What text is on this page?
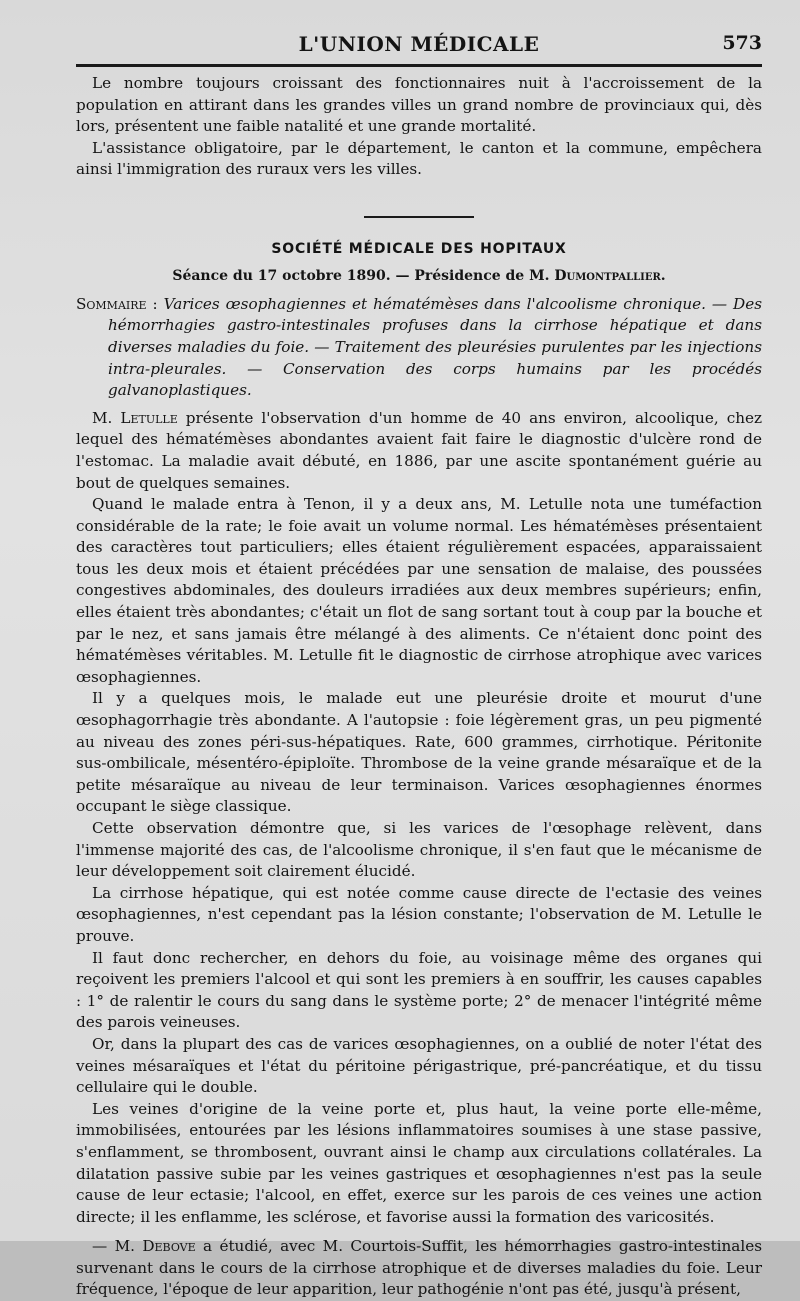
L'UNION MÉDICALE	573

Le nombre toujours croissant des fonctionnaires nuit à l'accroissement de la population en attirant dans les grandes villes un grand nombre de provinciaux qui, dès lors, présentent une faible natalité et une grande mortalité.

L'assistance obligatoire, par le département, le canton et la commune, empêchera ainsi l'immigration des ruraux vers les villes.

SOCIÉTÉ MÉDICALE DES HOPITAUX
Séance du 17 octobre 1890. — Présidence de M. Dumontpallier.

Sommaire : Varices œsophagiennes et hématémèses dans l'alcoolisme chronique. — Des hémorrhagies gastro-intestinales profuses dans la cirrhose hépatique et dans diverses maladies du foie. — Traitement des pleurésies purulentes par les injections intra-pleurales. — Conservation des corps humains par les procédés galvanoplastiques.

M. Letulle présente l'observation d'un homme de 40 ans environ, alcoolique, chez lequel des hématémèses abondantes avaient fait faire le diagnostic d'ulcère rond de l'estomac. La maladie avait débuté, en 1886, par une ascite spontanément guérie au bout de quelques semaines.

Quand le malade entra à Tenon, il y a deux ans, M. Letulle nota une tuméfaction considérable de la rate; le foie avait un volume normal. Les hématémèses présentaient des caractères tout particuliers; elles étaient régulièrement espacées, apparaissaient tous les deux mois et étaient précédées par une sensation de malaise, des poussées congestives abdominales, des douleurs irradiées aux deux membres supérieurs; enfin, elles étaient très abondantes; c'était un flot de sang sortant tout à coup par la bouche et par le nez, et sans jamais être mélangé à des aliments. Ce n'étaient donc point des hématémèses véritables. M. Letulle fit le diagnostic de cirrhose atrophique avec varices œsophagiennes.

Il y a quelques mois, le malade eut une pleurésie droite et mourut d'une œsophagorrhagie très abondante. A l'autopsie : foie légèrement gras, un peu pigmenté au niveau des zones péri-sus-hépatiques. Rate, 600 grammes, cirrhotique. Péritonite sus-ombilicale, mésentéro-épiploïte. Thrombose de la veine grande mésaraïque et de la petite mésaraïque au niveau de leur terminaison. Varices œsophagiennes énormes occupant le siège classique.

Cette observation démontre que, si les varices de l'œsophage relèvent, dans l'immense majorité des cas, de l'alcoolisme chronique, il s'en faut que le mécanisme de leur développement soit clairement élucidé.

La cirrhose hépatique, qui est notée comme cause directe de l'ectasie des veines œsophagiennes, n'est cependant pas la lésion constante; l'observation de M. Letulle le prouve.

Il faut donc rechercher, en dehors du foie, au voisinage même des organes qui reçoivent les premiers l'alcool et qui sont les premiers à en souffrir, les causes capables : 1° de ralentir le cours du sang dans le système porte; 2° de menacer l'intégrité même des parois veineuses.

Or, dans la plupart des cas de varices œsophagiennes, on a oublié de noter l'état des veines mésaraïques et l'état du péritoine périgastrique, pré-pancréatique, et du tissu cellulaire qui le double.

Les veines d'origine de la veine porte et, plus haut, la veine porte elle-même, immobilisées, entourées par les lésions inflammatoires soumises à une stase passive, s'enflamment, se thrombosent, ouvrant ainsi le champ aux circulations collatérales. La dilatation passive subie par les veines gastriques et œsophagiennes n'est pas la seule cause de leur ectasie; l'alcool, en effet, exerce sur les parois de ces veines une action directe; il les enflamme, les sclérose, et favorise aussi la formation des varicosités.

— M. Debove a étudié, avec M. Courtois-Suffit, les hémorrhagies gastro-intestinales survenant dans le cours de la cirrhose atrophique et de diverses maladies du foie. Leur fréquence, l'époque de leur apparition, leur pathogénie n'ont pas été, jusqu'à présent,
